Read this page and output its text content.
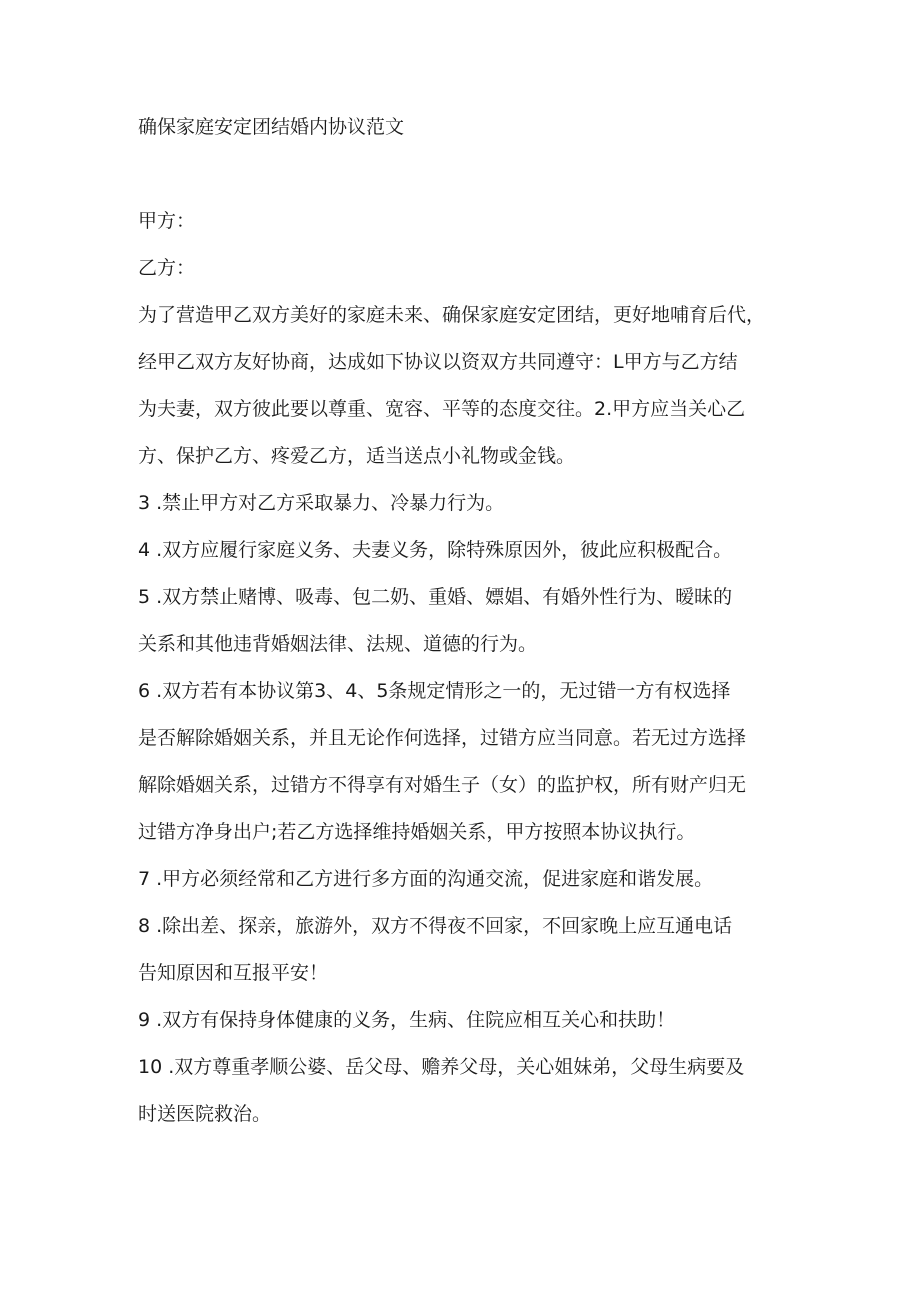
确保家庭安定团结婚内协议范文
甲方：
乙方：
为了营造甲乙双方美好的家庭未来、确保家庭安定团结，更好地哺育后代，
经甲乙双方友好协商，达成如下协议以资双方共同遵守：L甲方与乙方结
为夫妻，双方彼此要以尊重、宽容、平等的态度交往。2.甲方应当关心乙
方、保护乙方、疼爱乙方，适当送点小礼物或金钱。
3 .禁止甲方对乙方采取暴力、冷暴力行为。
4 .双方应履行家庭义务、夫妻义务，除特殊原因外，彼此应积极配合。
5 .双方禁止赌博、吸毒、包二奶、重婚、嫖娼、有婚外性行为、暧昧的
关系和其他违背婚姻法律、法规、道德的行为。
6 .双方若有本协议第3、4、5条规定情形之一的，无过错一方有权选择
是否解除婚姻关系，并且无论作何选择，过错方应当同意。若无过方选择
解除婚姻关系，过错方不得享有对婚生子（女）的监护权，所有财产归无
过错方净身出户;若乙方选择维持婚姻关系，甲方按照本协议执行。
7 .甲方必须经常和乙方进行多方面的沟通交流，促进家庭和谐发展。
8 .除出差、探亲，旅游外，双方不得夜不回家，不回家晚上应互通电话
告知原因和互报平安！
9 .双方有保持身体健康的义务，生病、住院应相互关心和扶助！
10 .双方尊重孝顺公婆、岳父母、赡养父母，关心姐妹弟，父母生病要及
时送医院救治。
